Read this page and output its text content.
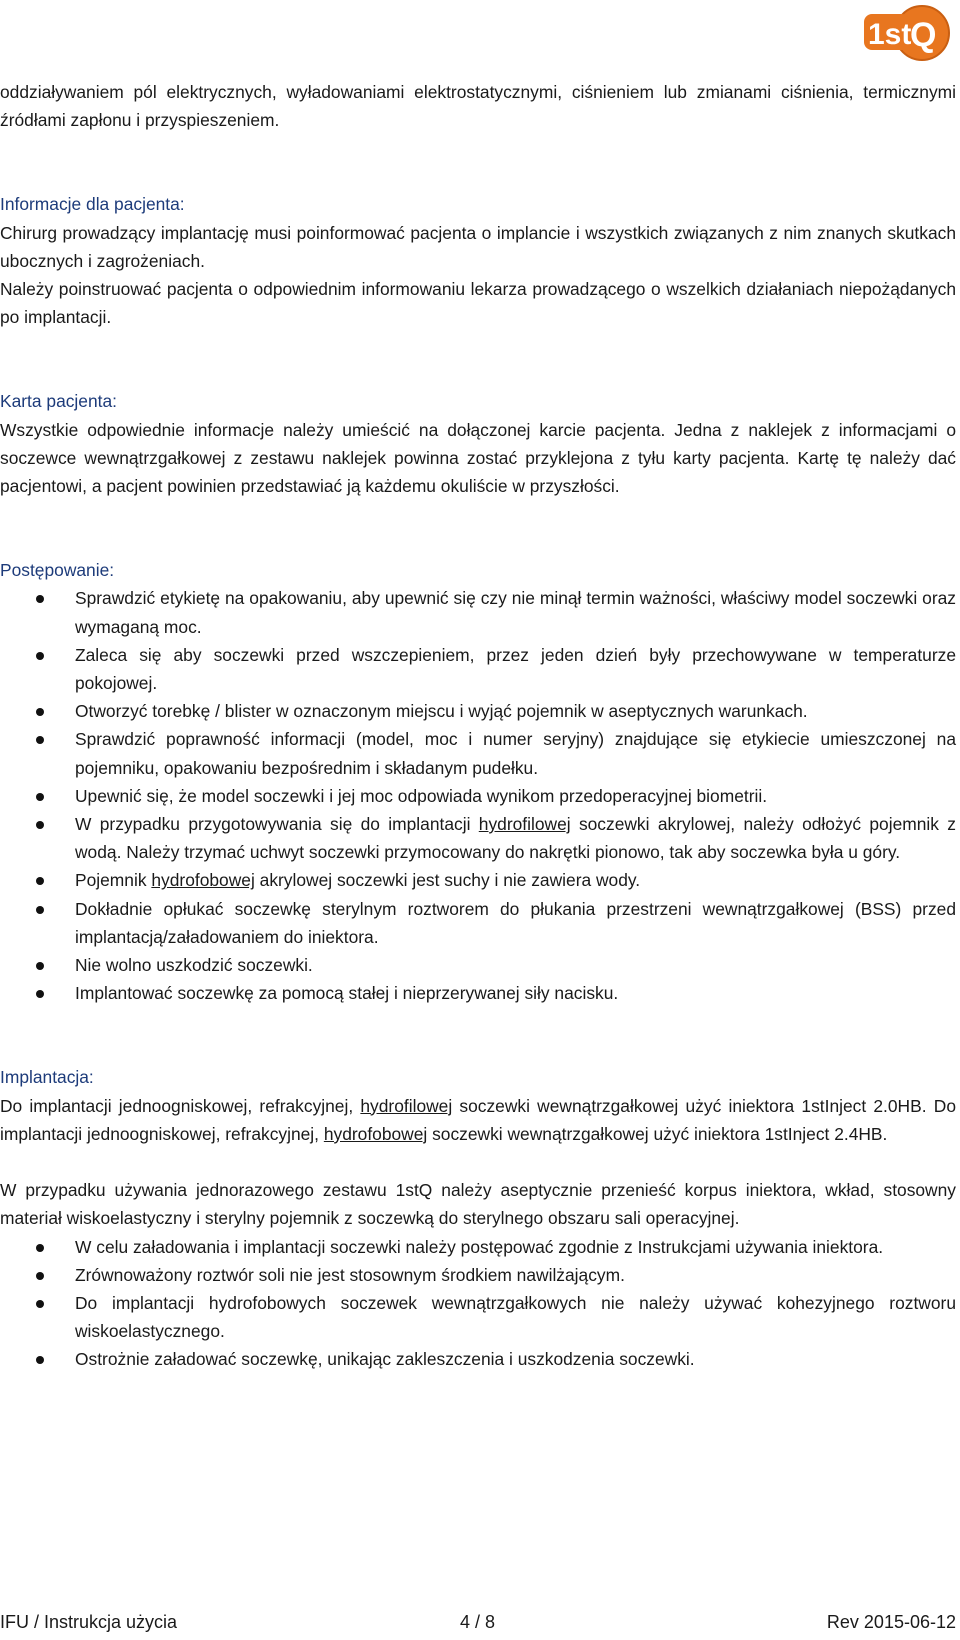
1st
Q

oddziaływaniem pól elektrycznych, wyładowaniami elektrostatycznymi, ciśnieniem lub zmianami ciśnienia, termicznymi źródłami zapłonu i przyspieszeniem.

Informacje dla pacjenta:

Chirurg prowadzący implantację musi poinformować pacjenta o implancie i wszystkich związanych z nim znanych skutkach ubocznych i zagrożeniach.

Należy poinstruować pacjenta o odpowiednim informowaniu lekarza prowadzącego o wszelkich działaniach niepożądanych po implantacji.

Karta pacjenta:

Wszystkie odpowiednie informacje należy umieścić na dołączonej karcie pacjenta. Jedna z naklejek z informacjami o soczewce wewnątrzgałkowej z zestawu naklejek powinna zostać przyklejona z tyłu karty pacjenta. Kartę tę należy dać pacjentowi, a pacjent powinien przedstawiać ją każdemu okuliście w przyszłości.

Postępowanie:

Sprawdzić etykietę na opakowaniu, aby upewnić się czy nie minął termin ważności, właściwy model soczewki oraz wymaganą moc.
Zaleca się aby soczewki przed wszczepieniem, przez jeden dzień były przechowywane w temperaturze pokojowej.
Otworzyć torebkę / blister w oznaczonym miejscu i wyjąć pojemnik w aseptycznych warunkach.
Sprawdzić poprawność informacji (model, moc i numer seryjny) znajdujące się etykiecie umieszczonej na pojemniku, opakowaniu bezpośrednim i składanym pudełku.
Upewnić się, że model soczewki i jej moc odpowiada wynikom przedoperacyjnej biometrii.
W przypadku przygotowywania się do implantacji hydrofilowej soczewki akrylowej, należy odłożyć pojemnik z wodą. Należy trzymać uchwyt soczewki przymocowany do nakrętki pionowo, tak aby soczewka była u góry.
Pojemnik hydrofobowej akrylowej soczewki jest suchy i nie zawiera wody.
Dokładnie opłukać soczewkę sterylnym roztworem do płukania przestrzeni wewnątrzgałkowej (BSS) przed implantacją/załadowaniem do iniektora.
Nie wolno uszkodzić soczewki.
Implantować soczewkę za pomocą stałej i nieprzerywanej siły nacisku.

Implantacja:

Do implantacji jednoogniskowej, refrakcyjnej, hydrofilowej soczewki wewnątrzgałkowej użyć iniektora 1stInject 2.0HB. Do implantacji jednoogniskowej, refrakcyjnej, hydrofobowej soczewki wewnątrzgałkowej użyć iniektora 1stInject 2.4HB.

W przypadku używania jednorazowego zestawu 1stQ należy aseptycznie przenieść korpus iniektora, wkład, stosowny materiał wiskoelastyczny i sterylny pojemnik z soczewką do sterylnego obszaru sali operacyjnej.

W celu załadowania i implantacji soczewki należy postępować zgodnie z Instrukcjami używania iniektora.
Zrównoważony roztwór soli nie jest stosownym środkiem nawilżającym.
Do implantacji hydrofobowych soczewek wewnątrzgałkowych nie należy używać kohezyjnego roztworu wiskoelastycznego.
Ostrożnie załadować soczewkę, unikając zakleszczenia i uszkodzenia soczewki.
IFU / Instrukcja użycia	4 / 8	Rev 2015-06-12
